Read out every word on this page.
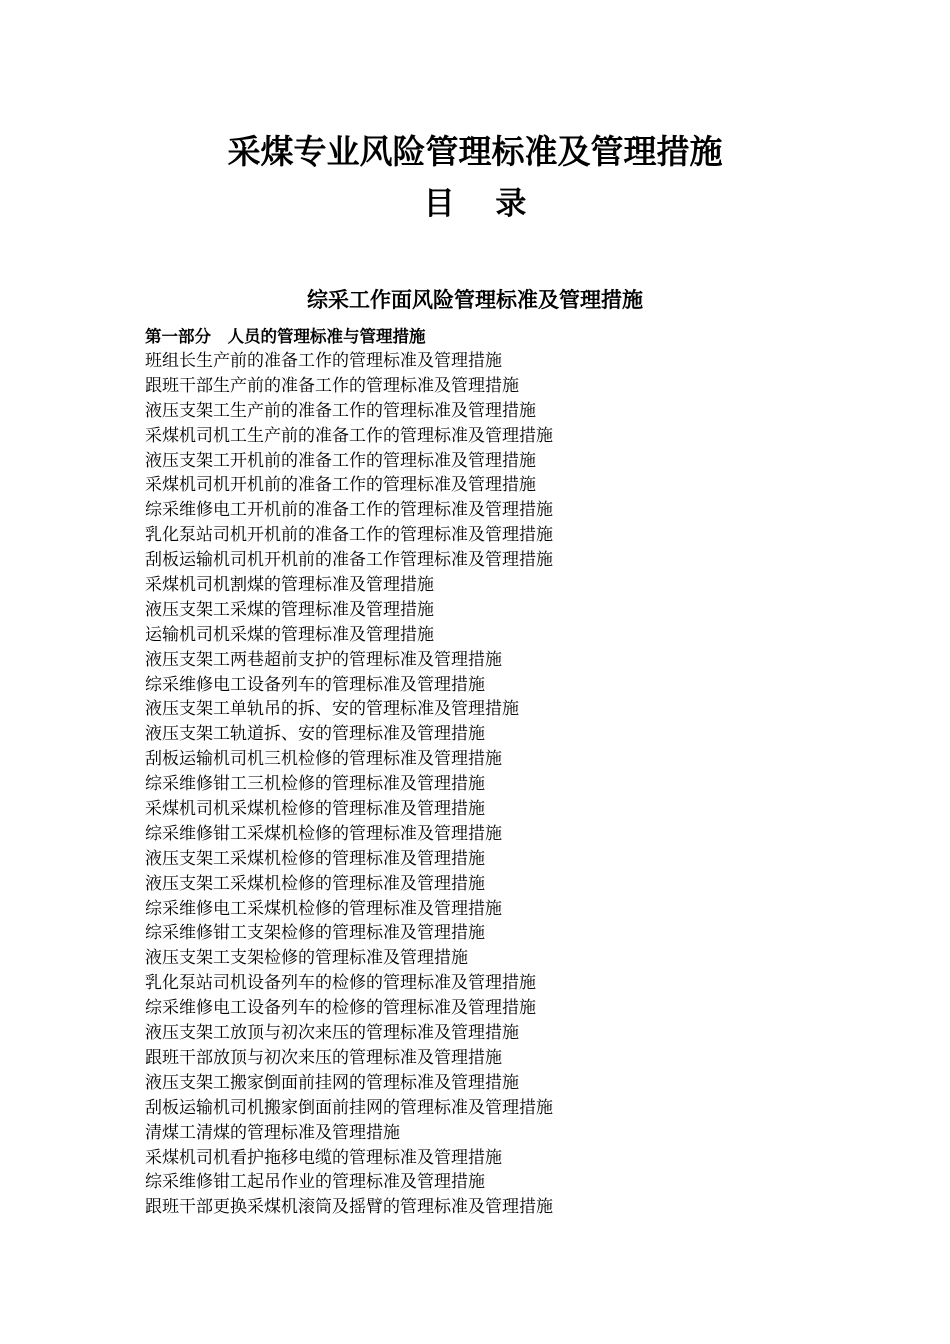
采煤专业风险管理标准及管理措施
目 录
综采工作面风险管理标准及管理措施
第一部分　人员的管理标准与管理措施
班组长生产前的准备工作的管理标准及管理措施
跟班干部生产前的准备工作的管理标准及管理措施
液压支架工生产前的准备工作的管理标准及管理措施
采煤机司机工生产前的准备工作的管理标准及管理措施
液压支架工开机前的准备工作的管理标准及管理措施
采煤机司机开机前的准备工作的管理标准及管理措施
综采维修电工开机前的准备工作的管理标准及管理措施
乳化泵站司机开机前的准备工作的管理标准及管理措施
刮板运输机司机开机前的准备工作管理标准及管理措施
采煤机司机割煤的管理标准及管理措施
液压支架工采煤的管理标准及管理措施
运输机司机采煤的管理标准及管理措施
液压支架工两巷超前支护的管理标准及管理措施
综采维修电工设备列车的管理标准及管理措施
液压支架工单轨吊的拆、安的管理标准及管理措施
液压支架工轨道拆、安的管理标准及管理措施
刮板运输机司机三机检修的管理标准及管理措施
综采维修钳工三机检修的管理标准及管理措施
采煤机司机采煤机检修的管理标准及管理措施
综采维修钳工采煤机检修的管理标准及管理措施
液压支架工采煤机检修的管理标准及管理措施
液压支架工采煤机检修的管理标准及管理措施
综采维修电工采煤机检修的管理标准及管理措施
综采维修钳工支架检修的管理标准及管理措施
液压支架工支架检修的管理标准及管理措施
乳化泵站司机设备列车的检修的管理标准及管理措施
综采维修电工设备列车的检修的管理标准及管理措施
液压支架工放顶与初次来压的管理标准及管理措施
跟班干部放顶与初次来压的管理标准及管理措施
液压支架工搬家倒面前挂网的管理标准及管理措施
刮板运输机司机搬家倒面前挂网的管理标准及管理措施
清煤工清煤的管理标准及管理措施
采煤机司机看护拖移电缆的管理标准及管理措施
综采维修钳工起吊作业的管理标准及管理措施
跟班干部更换采煤机滚筒及摇臂的管理标准及管理措施
